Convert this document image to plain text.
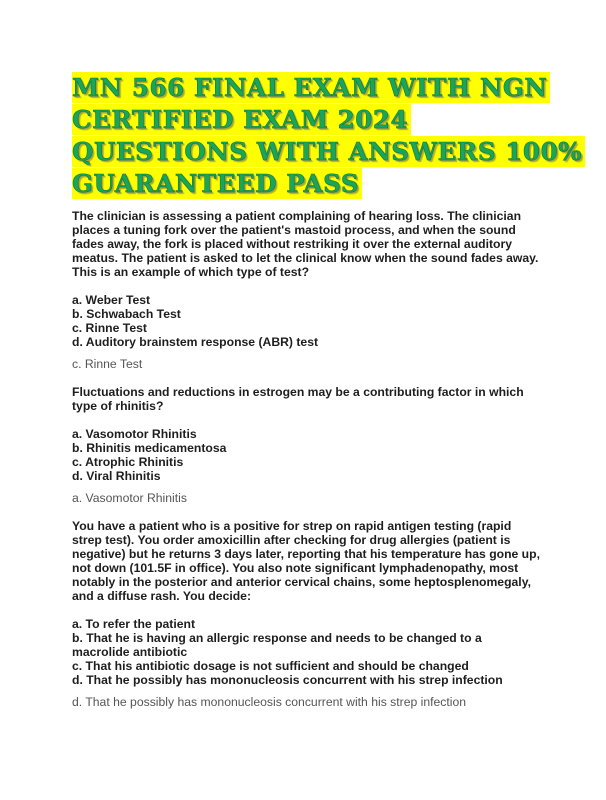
MN 566 FINAL EXAM WITH NGN
CERTIFIED EXAM 2024
QUESTIONS WITH ANSWERS 100%
GUARANTEED PASS

The clinician is assessing a patient complaining of hearing loss. The clinician places a tuning fork over the patient's mastoid process, and when the sound fades away, the fork is placed without restriking it over the external auditory meatus. The patient is asked to let the clinical know when the sound fades away. This is an example of which type of test?

a. Weber Test
b. Schwabach Test
c. Rinne Test
d. Auditory brainstem response (ABR) test

c. Rinne Test

Fluctuations and reductions in estrogen may be a contributing factor in which type of rhinitis?

a. Vasomotor Rhinitis
b. Rhinitis medicamentosa
c. Atrophic Rhinitis
d. Viral Rhinitis

a. Vasomotor Rhinitis

You have a patient who is a positive for strep on rapid antigen testing (rapid strep test). You order amoxicillin after checking for drug allergies (patient is negative) but he returns 3 days later, reporting that his temperature has gone up, not down (101.5F in office). You also note significant lymphadenopathy, most notably in the posterior and anterior cervical chains, some heptosplenomegaly, and a diffuse rash. You decide:

a. To refer the patient
b. That he is having an allergic response and needs to be changed to a macrolide antibiotic
c. That his antibiotic dosage is not sufficient and should be changed
d. That he possibly has mononucleosis concurrent with his strep infection

d. That he possibly has mononucleosis concurrent with his strep infection
